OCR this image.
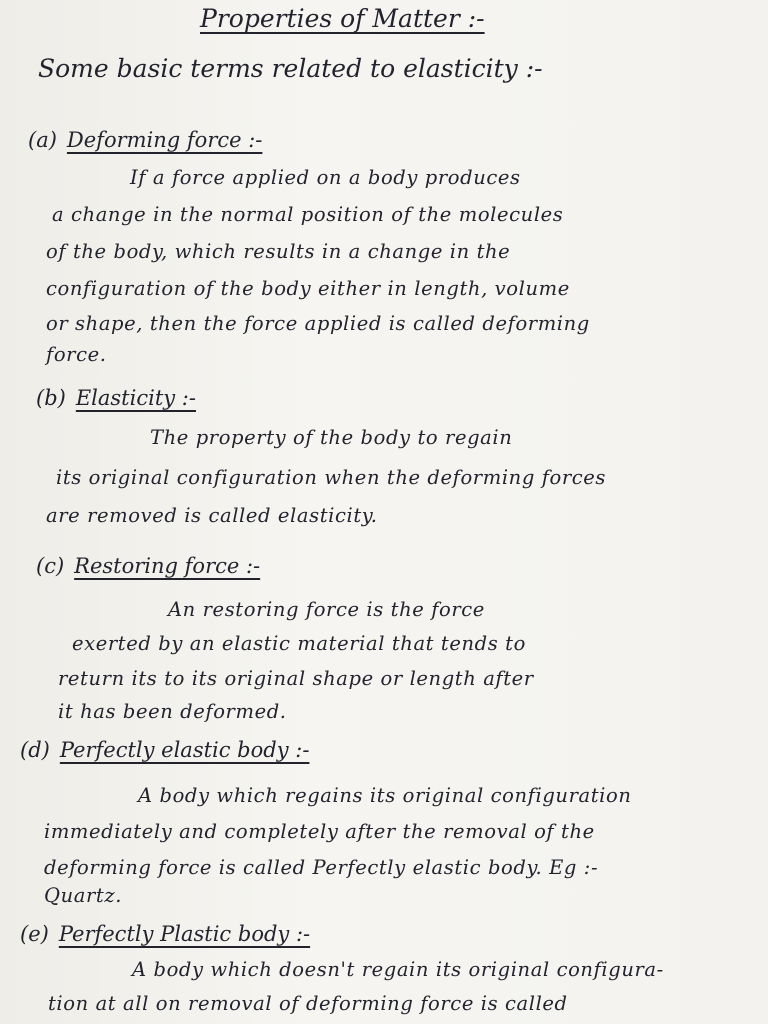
Properties of Matter :-
Some basic terms related to elasticity :-
(a) Deforming force :-
If a force applied on a body produces
a change in the normal position of the molecules
of the body, which results in a change in the
configuration of the body either in length, volume
or shape, then the force applied is called deforming
force.
(b) Elasticity :-
The property of the body to regain
its original configuration when the deforming forces
are removed is called elasticity.
(c) Restoring force :-
An restoring force is the force
exerted by an elastic material that tends to
return its to its original shape or length after
it has been deformed.
(d) Perfectly elastic body :-
A body which regains its original configuration
immediately and completely after the removal of the
deforming force is called Perfectly elastic body. Eg :-
Quartz.
(e) Perfectly Plastic body :-
A body which doesn't regain its original configura-
tion at all on removal of deforming force is called
